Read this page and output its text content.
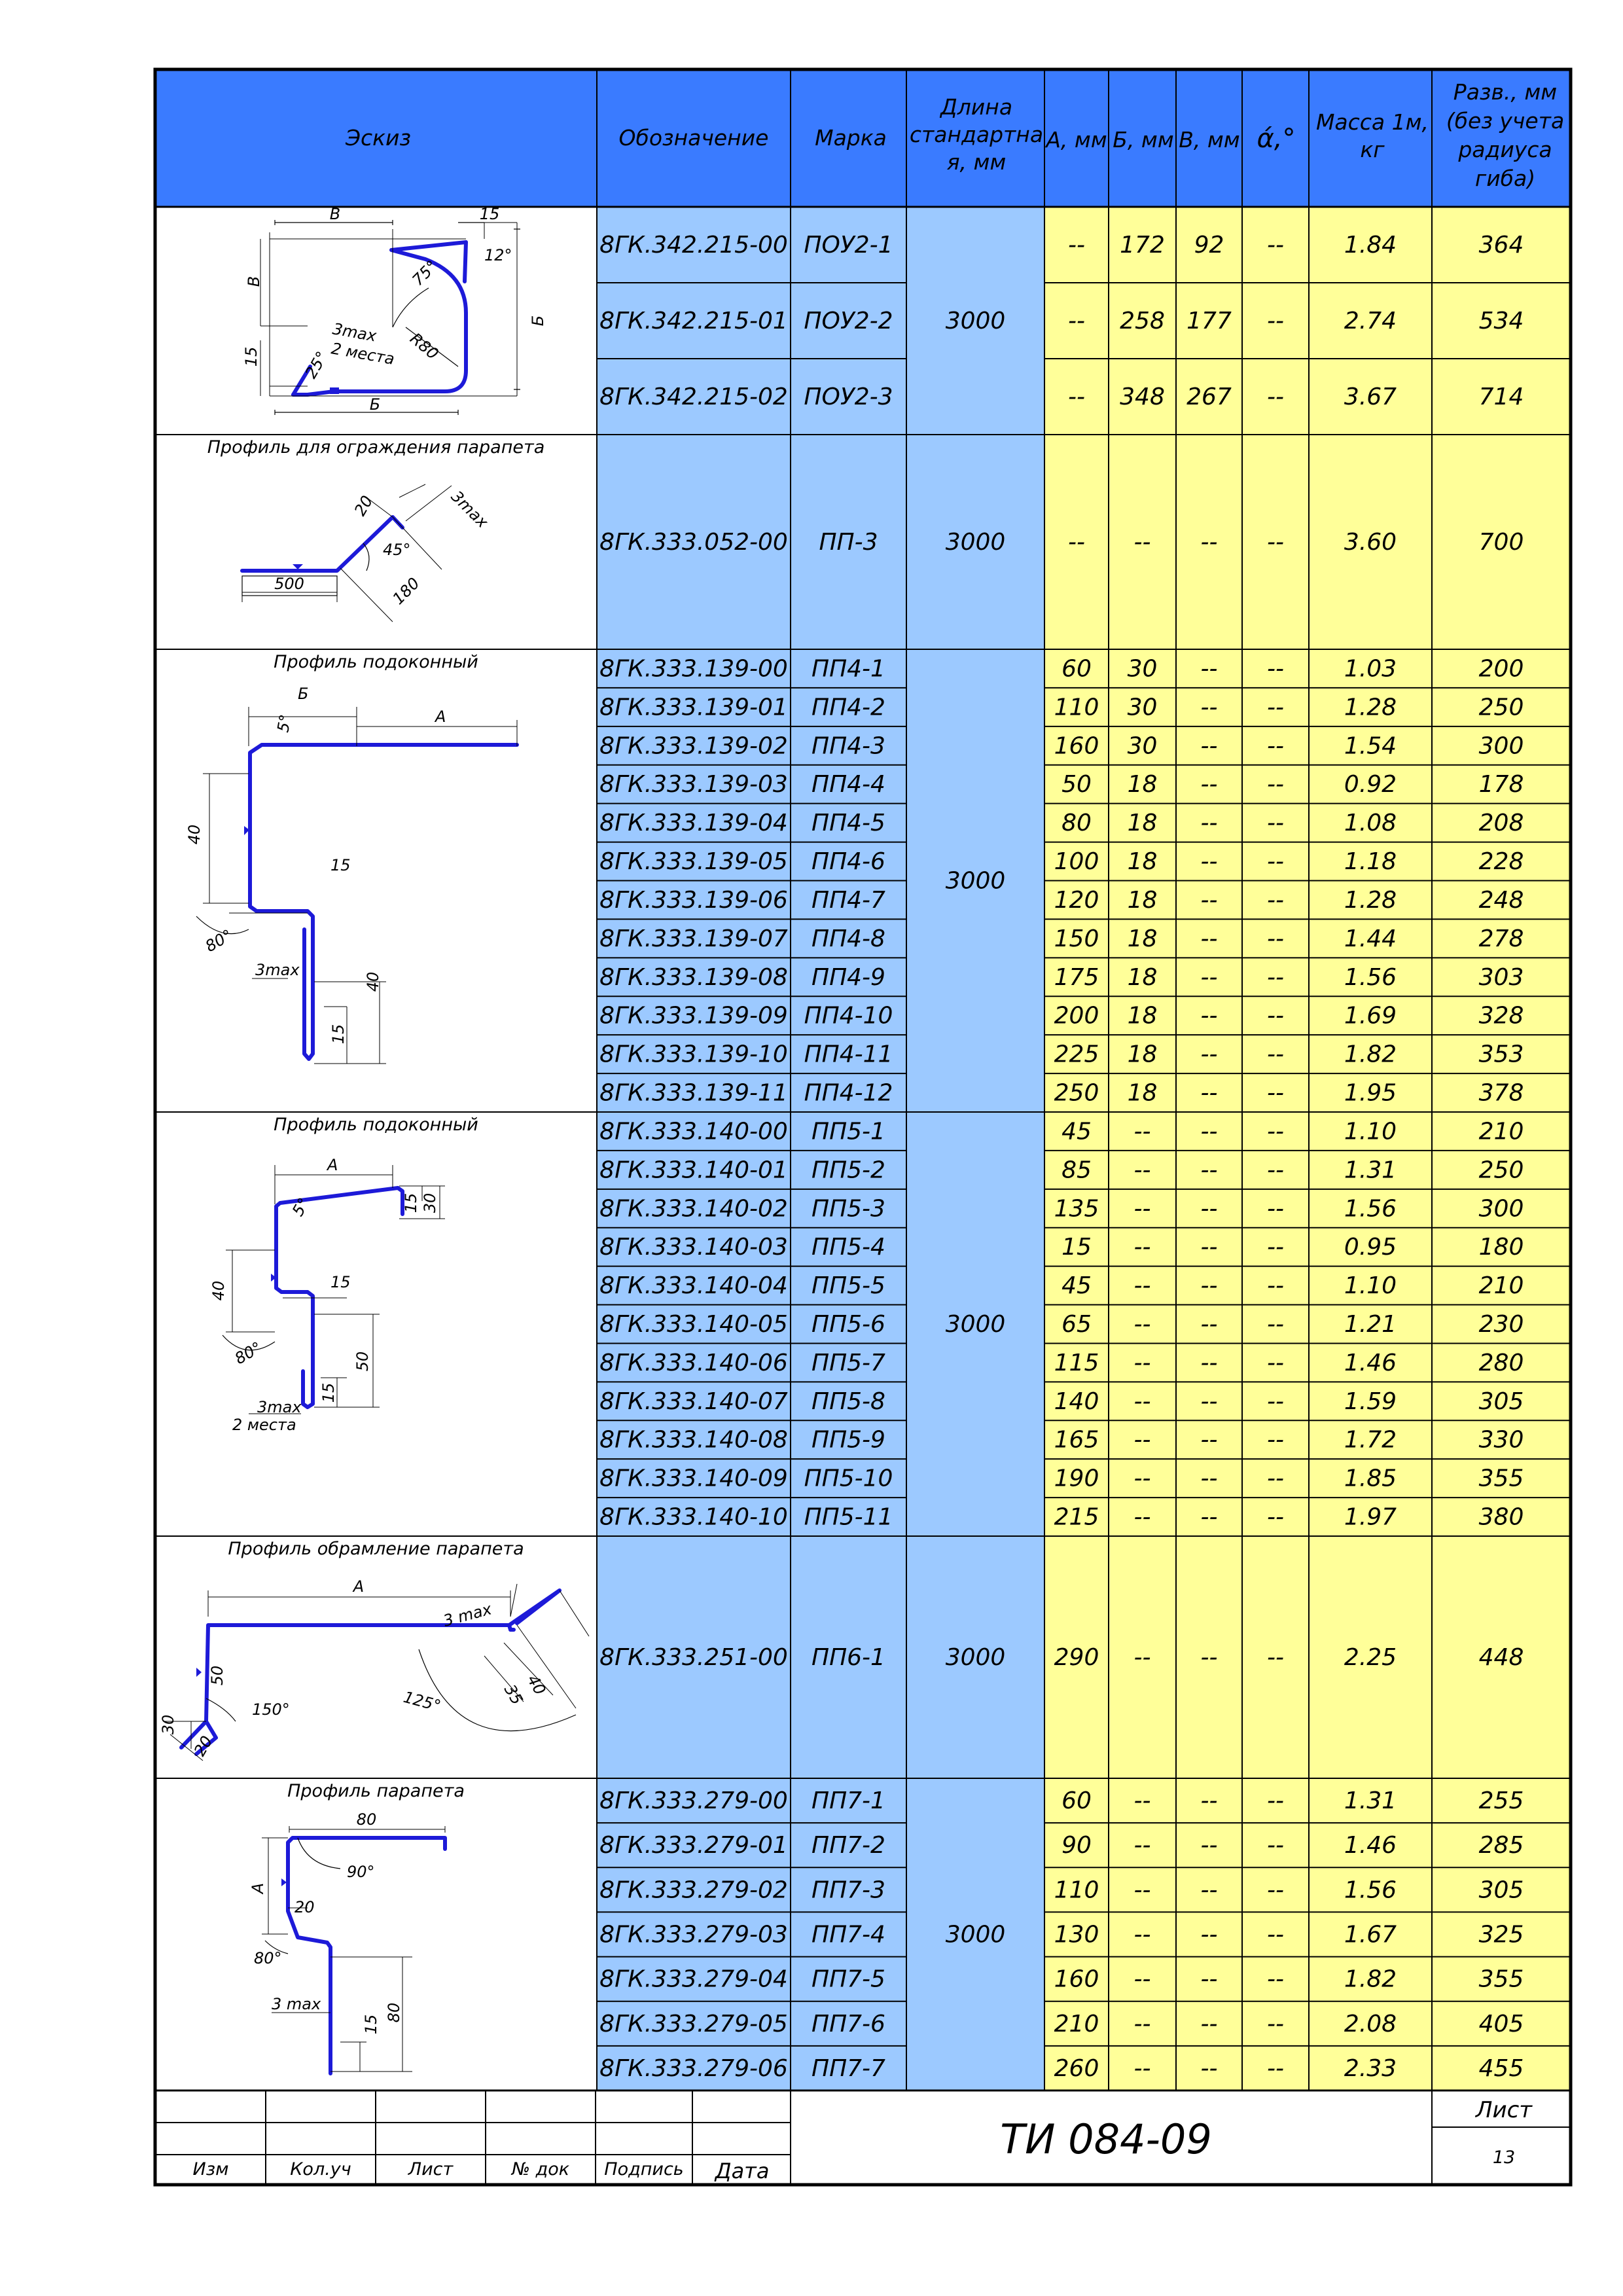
Эскиз	Обозначение Марка
Длина стандартна я, мм
А, мм Б, мм В, мм ά,°
Масса 1м, кг
Разв., мм (без учета радиуса гиба)
3000
8ГК.342.215-00 ПОУ2-1	-- 172 92 --	1.84	364
8ГК.342.215-01 ПОУ2-2	-- 258 177 --	2.74	534
8ГК.342.215-02 ПОУ2-3	-- 348 267 --	3.67	714
3000
8ГК.333.052-00 ПП-3	-- -- -- --	3.60	700
3000
8ГК.333.139-00 ПП4-1	60 30 -- --	1.03	200
8ГК.333.139-01 ПП4-2	110 30 -- --	1.28	250
8ГК.333.139-02 ПП4-3	160 30 -- --	1.54	300
8ГК.333.139-03 ПП4-4	50 18 -- --	0.92	178
8ГК.333.139-04 ПП4-5	80 18 -- --	1.08	208
8ГК.333.139-05 ПП4-6	100 18 -- --	1.18	228
8ГК.333.139-06 ПП4-7	120 18 -- --	1.28	248
8ГК.333.139-07 ПП4-8	150 18 -- --	1.44	278
8ГК.333.139-08 ПП4-9	175 18 -- --	1.56	303
8ГК.333.139-09 ПП4-10	200 18 -- --	1.69	328
8ГК.333.139-10 ПП4-11	225 18 -- --	1.82	353
8ГК.333.139-11 ПП4-12	250 18 -- --	1.95	378
3000
8ГК.333.140-00 ПП5-1	45 -- -- --	1.10	210
8ГК.333.140-01 ПП5-2	85 -- -- --	1.31	250
8ГК.333.140-02 ПП5-3	135 -- -- --	1.56	300
8ГК.333.140-03 ПП5-4	15 -- -- --	0.95	180
8ГК.333.140-04 ПП5-5	45 -- -- --	1.10	210
8ГК.333.140-05 ПП5-6	65 -- -- --	1.21	230
8ГК.333.140-06 ПП5-7	115 -- -- --	1.46	280
8ГК.333.140-07 ПП5-8	140 -- -- --	1.59	305
8ГК.333.140-08 ПП5-9	165 -- -- --	1.72	330
8ГК.333.140-09 ПП5-10	190 -- -- --	1.85	355
8ГК.333.140-10 ПП5-11	215 -- -- --	1.97	380
3000
8ГК.333.251-00 ПП6-1	290 -- -- --	2.25	448
3000
8ГК.333.279-00 ПП7-1	60 -- -- --	1.31	255
8ГК.333.279-01 ПП7-2	90 -- -- --	1.46	285
8ГК.333.279-02 ПП7-3	110 -- -- --	1.56	305
8ГК.333.279-03 ПП7-4	130 -- -- --	1.67	325
8ГК.333.279-04 ПП7-5	160 -- -- --	1.82	355
8ГК.333.279-05 ПП7-6	210 -- -- --	2.08	405
8ГК.333.279-06 ПП7-7	260 -- -- --	2.33	455
Профиль для ограждения парапета
Профиль подоконный
Профиль подоконный
Профиль обрамление парапета
Профиль парапета
В	15
В
12°
75°
Б
3max
2 места R80
15	25°
Б
20	3max
45°
180
500
Б
А
5°
40
15
80°
3max
40
15
А
5°	15 30
40	15
80°	50
15
3max
2 места
А
3 max
50
35
40
125°
150°
30
20
80
90°
А
20
80°
3 max
15
80
ТИ 084-09
Лист
13
Изм	Кол.уч	Лист	№ док Подпись Дата
